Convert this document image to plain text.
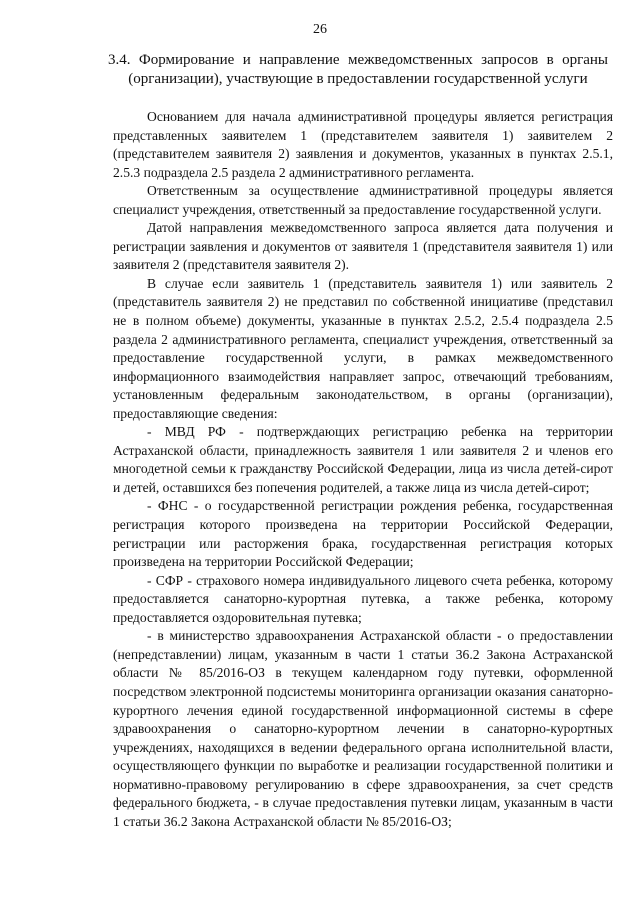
26
3.4. Формирование и направление межведомственных запросов в органы (организации), участвующие в предоставлении государственной услуги

Основанием для начала административной процедуры является регистрация представленных заявителем 1 (представителем заявителя 1) заявителем 2 (представителем заявителя 2) заявления и документов, указанных в пунктах 2.5.1, 2.5.3 подраздела 2.5 раздела 2 административного регламента.

Ответственным за осуществление административной процедуры является специалист учреждения, ответственный за предоставление государственной услуги.

Датой направления межведомственного запроса является дата получения и регистрации заявления и документов от заявителя 1 (представителя заявителя 1) или заявителя 2 (представителя заявителя 2).

В случае если заявитель 1 (представитель заявителя 1) или заявитель 2 (представитель заявителя 2) не представил по собственной инициативе (представил не в полном объеме) документы, указанные в пунктах 2.5.2, 2.5.4 подраздела 2.5 раздела 2 административного регламента, специалист учреждения, ответственный за предоставление государственной услуги, в рамках межведомственного информационного взаимодействия направляет запрос, отвечающий требованиям, установленным федеральным законодательством, в органы (организации), предоставляющие сведения:

- МВД РФ - подтверждающих регистрацию ребенка на территории Астраханской области, принадлежность заявителя 1 или заявителя 2 и членов его многодетной семьи к гражданству Российской Федерации, лица из числа детей-сирот и детей, оставшихся без попечения родителей, а также лица из числа детей-сирот;

- ФНС - о государственной регистрации рождения ребенка, государственная регистрация которого произведена на территории Российской Федерации, регистрации или расторжения брака, государственная регистрация которых произведена на территории Российской Федерации;

- СФР - страхового номера индивидуального лицевого счета ребенка, которому предоставляется санаторно-курортная путевка, а также ребенка, которому предоставляется оздоровительная путевка;

- в министерство здравоохранения Астраханской области - о предоставлении (непредставлении) лицам, указанным в части 1 статьи 36.2 Закона Астраханской области № 85/2016-ОЗ в текущем календарном году путевки, оформленной посредством электронной подсистемы мониторинга организации оказания санаторно-курортного лечения единой государственной информационной системы в сфере здравоохранения о санаторно-курортном лечении в санаторно-курортных учреждениях, находящихся в ведении федерального органа исполнительной власти, осуществляющего функции по выработке и реализации государственной политики и нормативно-правовому регулированию в сфере здравоохранения, за счет средств федерального бюджета, - в случае предоставления путевки лицам, указанным в части 1 статьи 36.2 Закона Астраханской области № 85/2016-ОЗ;
